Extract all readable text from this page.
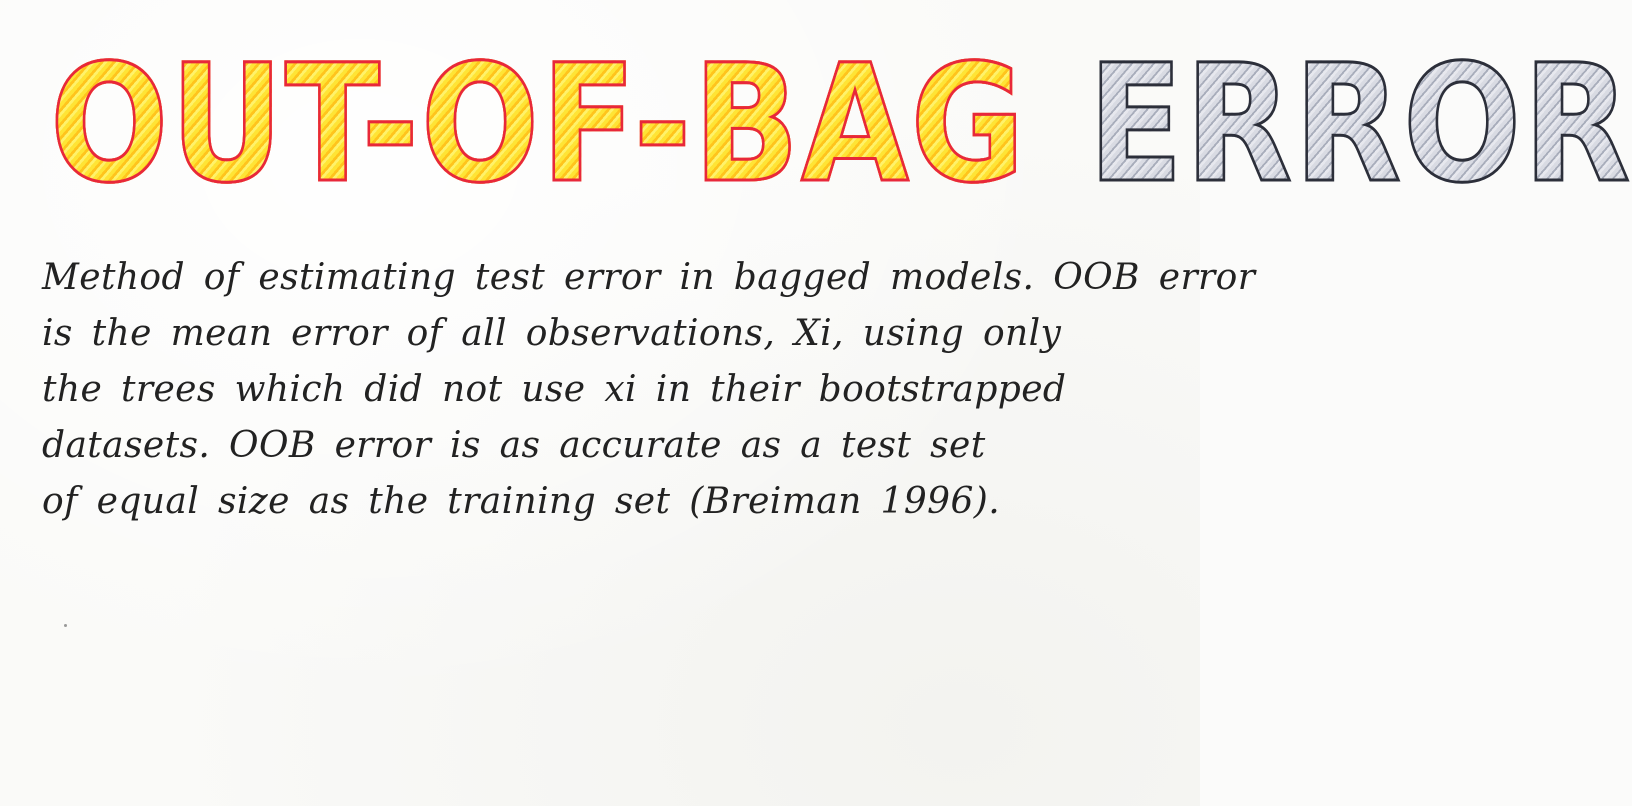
OUT-OF-BAG ERROR
Method of estimating test error in bagged models. OOB error
is the mean error of all observations, Xi, using only
the trees which did not use xi in their bootstrapped
datasets. OOB error is as accurate as a test set
of equal size as the training set (Breiman 1996).
